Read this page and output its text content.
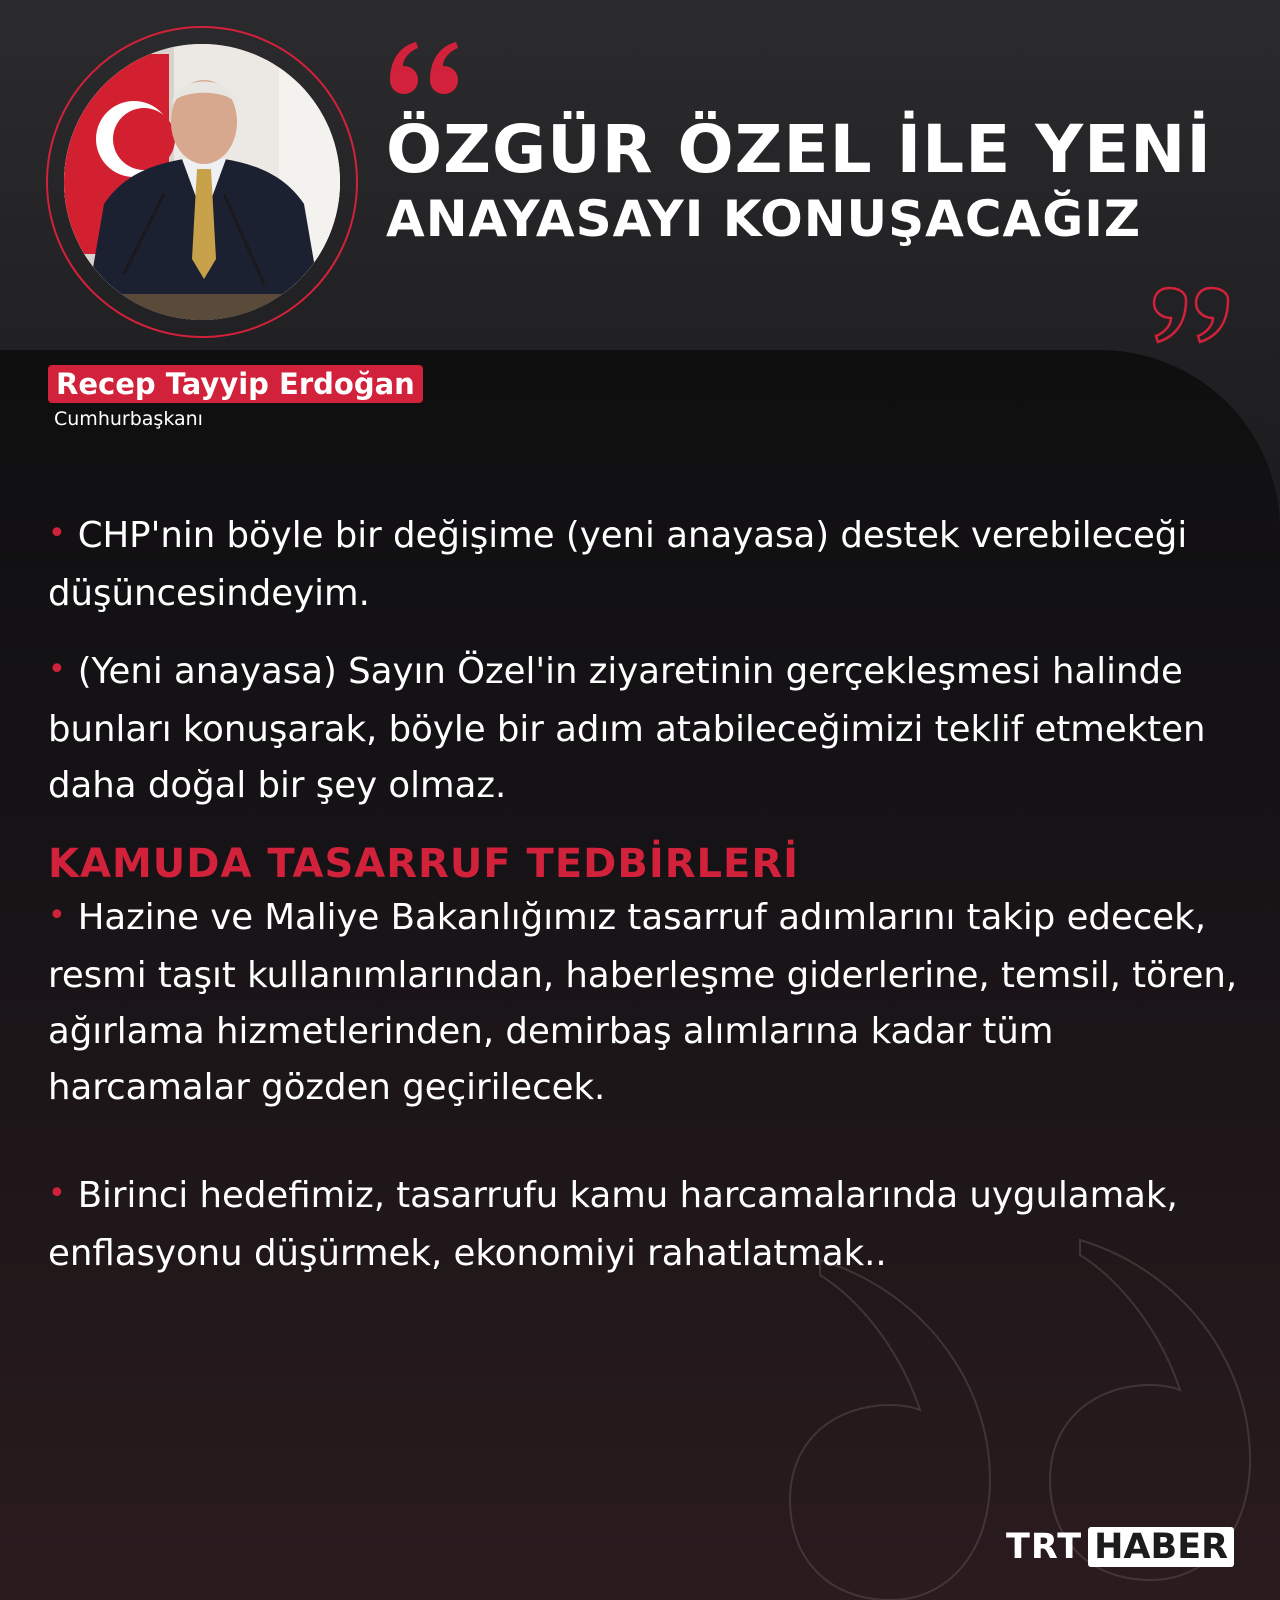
ÖZGÜR ÖZEL İLE YENİ
ANAYASAYI KONUŞACAĞIZ
Recep Tayyip Erdoğan
Cumhurbaşkanı

• CHP'nin böyle bir değişime (yeni anayasa) destek verebileceği düşüncesindeyim.

• (Yeni anayasa) Sayın Özel'in ziyaretinin gerçekleşmesi halinde bunları konuşarak, böyle bir adım atabileceğimizi teklif etmekten daha doğal bir şey olmaz.

KAMUDA TASARRUF TEDBİRLERİ

• Hazine ve Maliye Bakanlığımız tasarruf adımlarını takip edecek, resmi taşıt kullanımlarından, haberleşme giderlerine, temsil, tören, ağırlama hizmetlerinden, demirbaş alımlarına kadar tüm harcamalar gözden geçirilecek.

• Birinci hedefimiz, tasarrufu kamu harcamalarında uygulamak, enflasyonu düşürmek, ekonomiyi rahatlatmak..

TRT HABER
